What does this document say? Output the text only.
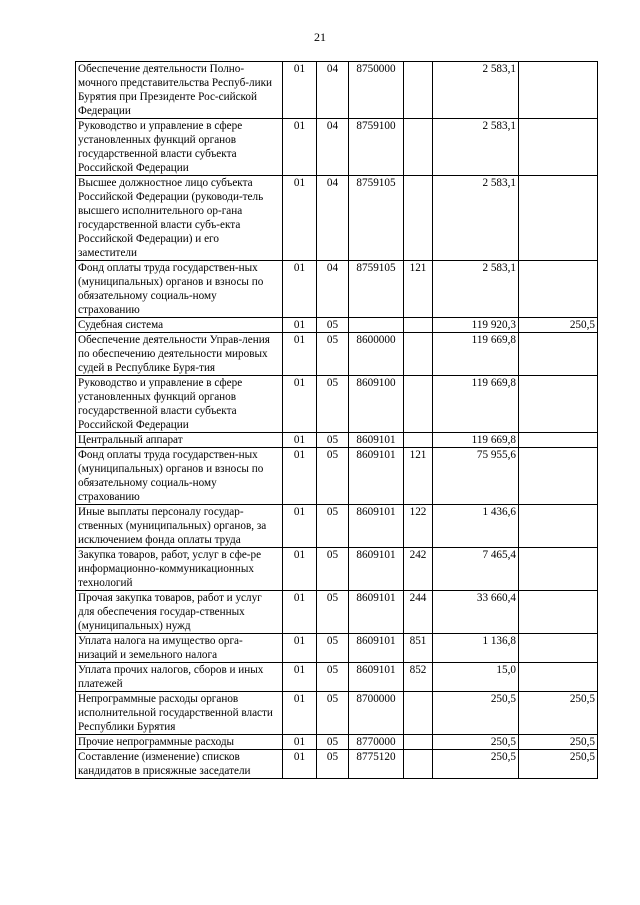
21
Обеспечение деятельности Полно-мочного представительства Респуб-лики Бурятия при Президенте Рос-сийской Федерации	01	04	8750000		2 583,1	
Руководство и управление в сфере установленных функций органов государственной власти субъекта Российской Федерации	01	04	8759100		2 583,1	
Высшее должностное лицо субъекта Российской Федерации (руководи-тель высшего исполнительного ор-гана государственной власти субъ-екта Российской Федерации) и его заместители	01	04	8759105		2 583,1	
Фонд оплаты труда государствен-ных (муниципальных) органов и взносы по обязательному социаль-ному страхованию	01	04	8759105	121	2 583,1	
Судебная система	01	05			119 920,3	250,5
Обеспечение деятельности Управ-ления по обеспечению деятельности мировых судей в Республике Буря-тия	01	05	8600000		119 669,8	
Руководство и управление в сфере установленных функций органов государственной власти субъекта Российской Федерации	01	05	8609100		119 669,8	
Центральный аппарат	01	05	8609101		119 669,8	
Фонд оплаты труда государствен-ных (муниципальных) органов и взносы по обязательному социаль-ному страхованию	01	05	8609101	121	75 955,6	
Иные выплаты персоналу государ-ственных (муниципальных) органов, за исключением фонда оплаты труда	01	05	8609101	122	1 436,6	
Закупка товаров, работ, услуг в сфе-ре информационно-коммуникационных технологий	01	05	8609101	242	7 465,4	
Прочая закупка товаров, работ и услуг для обеспечения государ-ственных (муниципальных) нужд	01	05	8609101	244	33 660,4	
Уплата налога на имущество орга-низаций и земельного налога	01	05	8609101	851	1 136,8	
Уплата прочих налогов, сборов и иных платежей	01	05	8609101	852	15,0	
Непрограммные расходы органов исполнительной государственной власти Республики Бурятия	01	05	8700000		250,5	250,5
Прочие непрограммные расходы	01	05	8770000		250,5	250,5
Составление (изменение) списков кандидатов в присяжные заседатели	01	05	8775120		250,5	250,5
